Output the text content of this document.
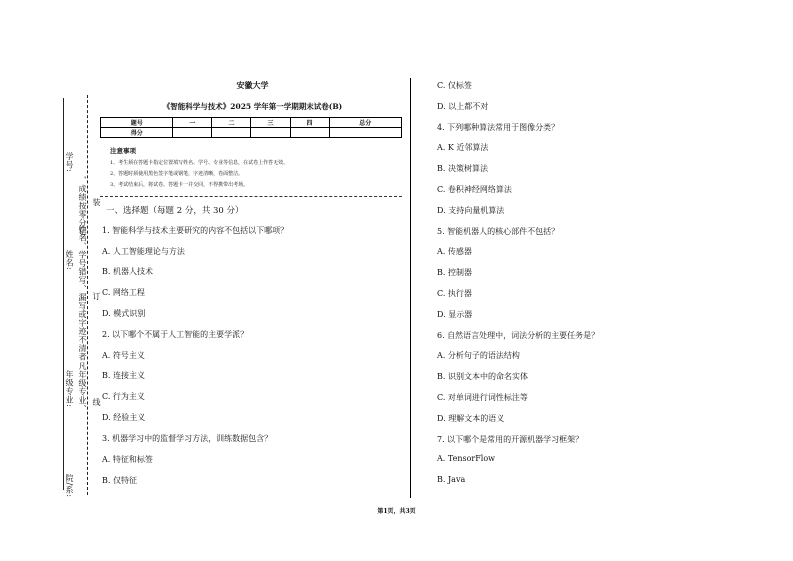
学号:
姓名:
年级专业:
院/系:
，成绩按零分记。
姓名、学号错写、漏写或字迹不清者
凡年级专业、
装
订
线
安徽大学
《智能科学与技术》2025 学年第一学期期末试卷(B)
题号	一	二	三	四	总分
得分					
注意事项
1、考生须在答题卡指定位置填写姓名、学号、专业等信息，在试卷上作答无效。
2、答题时须使用黑色签字笔或钢笔，字迹清晰，卷面整洁。
3、考试结束后，将试卷、答题卡一并交回，不得携带出考场。
一、选择题（每题 2 分，共 30 分）
1. 智能科学与技术主要研究的内容不包括以下哪项？
A. 人工智能理论与方法
B. 机器人技术
C. 网络工程
D. 模式识别
2. 以下哪个不属于人工智能的主要学派？
A. 符号主义
B. 连接主义
C. 行为主义
D. 经验主义
3. 机器学习中的监督学习方法，训练数据包含？
A. 特征和标签
B. 仅特征
C. 仅标签
D. 以上都不对
4. 下列哪种算法常用于图像分类？
A. K 近邻算法
B. 决策树算法
C. 卷积神经网络算法
D. 支持向量机算法
5. 智能机器人的核心部件不包括？
A. 传感器
B. 控制器
C. 执行器
D. 显示器
6. 自然语言处理中，词法分析的主要任务是？
A. 分析句子的语法结构
B. 识别文本中的命名实体
C. 对单词进行词性标注等
D. 理解文本的语义
7. 以下哪个是常用的开源机器学习框架？
A. TensorFlow
B. Java
第1页，共3页
